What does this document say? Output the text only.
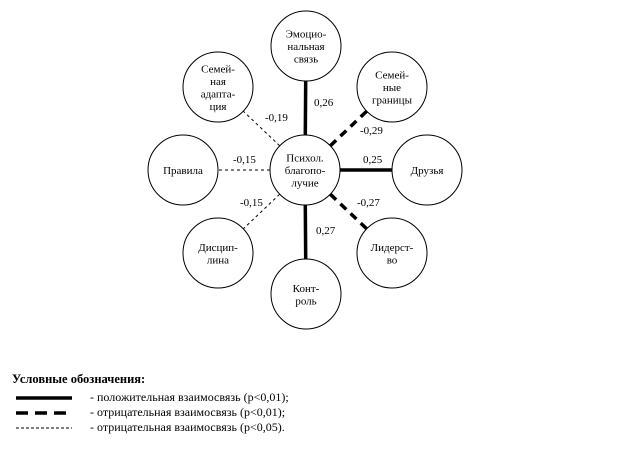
Психол.
благопо-
лучие
Эмоцио-
нальная
связь
Семей-
ные
границы
Друзья
Лидерст-
во
Конт-
роль
Дисцип-
лина
Правила
Семей-
ная
адапта-
ция	0,26
-0,29
0,25
-0,27
0,27
-0,15
-0,15
-0,19
Условные обозначения:
- положительная взаимосвязь (р<0,01);
- отрицательная взаимосвязь (р<0,01);
- отрицательная взаимосвязь (р<0,05).
